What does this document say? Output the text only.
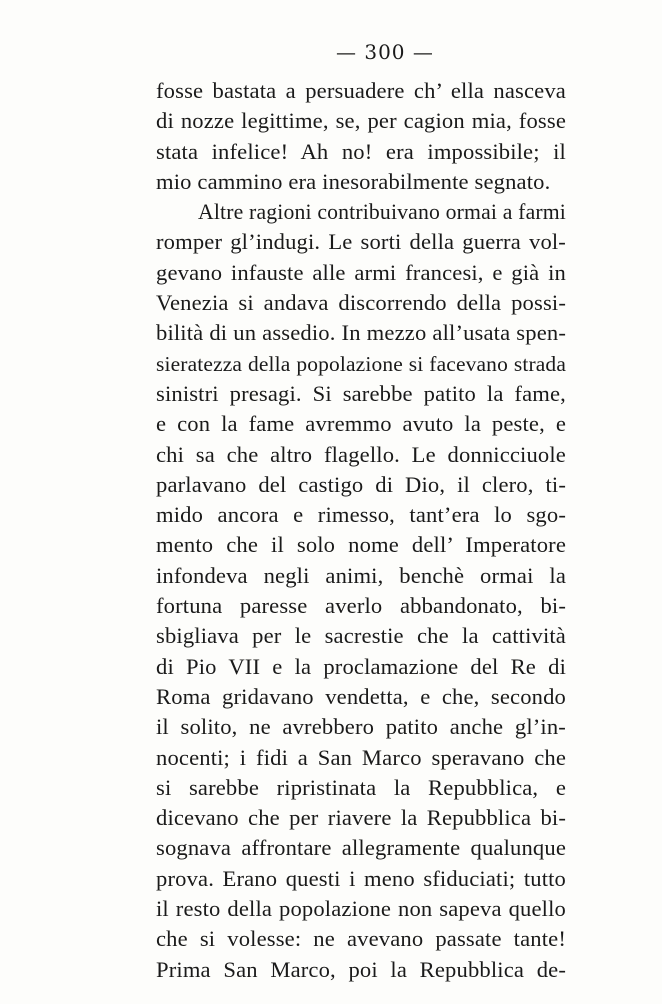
— 300 —
fosse bastata a persuadere ch’ ella nasceva
di nozze legittime, se, per cagion mia, fosse
stata infelice! Ah no! era impossibile; il
mio cammino era inesorabilmente segnato.
Altre ragioni contribuivano ormai a farmi
romper gl’indugi. Le sorti della guerra vol-
gevano infauste alle armi francesi, e già in
Venezia si andava discorrendo della possi-
bilità di un assedio. In mezzo all’usata spen-
sieratezza della popolazione si facevano strada
sinistri presagi. Si sarebbe patito la fame,
e con la fame avremmo avuto la peste, e
chi sa che altro flagello. Le donnicciuole
parlavano del castigo di Dio, il clero, ti-
mido ancora e rimesso, tant’era lo sgo-
mento che il solo nome dell’ Imperatore
infondeva negli animi, benchè ormai la
fortuna paresse averlo abbandonato, bi-
sbigliava per le sacrestie che la cattività
di Pio VII e la proclamazione del Re di
Roma gridavano vendetta, e che, secondo
il solito, ne avrebbero patito anche gl’in-
nocenti; i fidi a San Marco speravano che
si sarebbe ripristinata la Repubblica, e
dicevano che per riavere la Repubblica bi-
sognava affrontare allegramente qualunque
prova. Erano questi i meno sfiduciati; tutto
il resto della popolazione non sapeva quello
che si volesse: ne avevano passate tante!
Prima San Marco, poi la Repubblica de-
